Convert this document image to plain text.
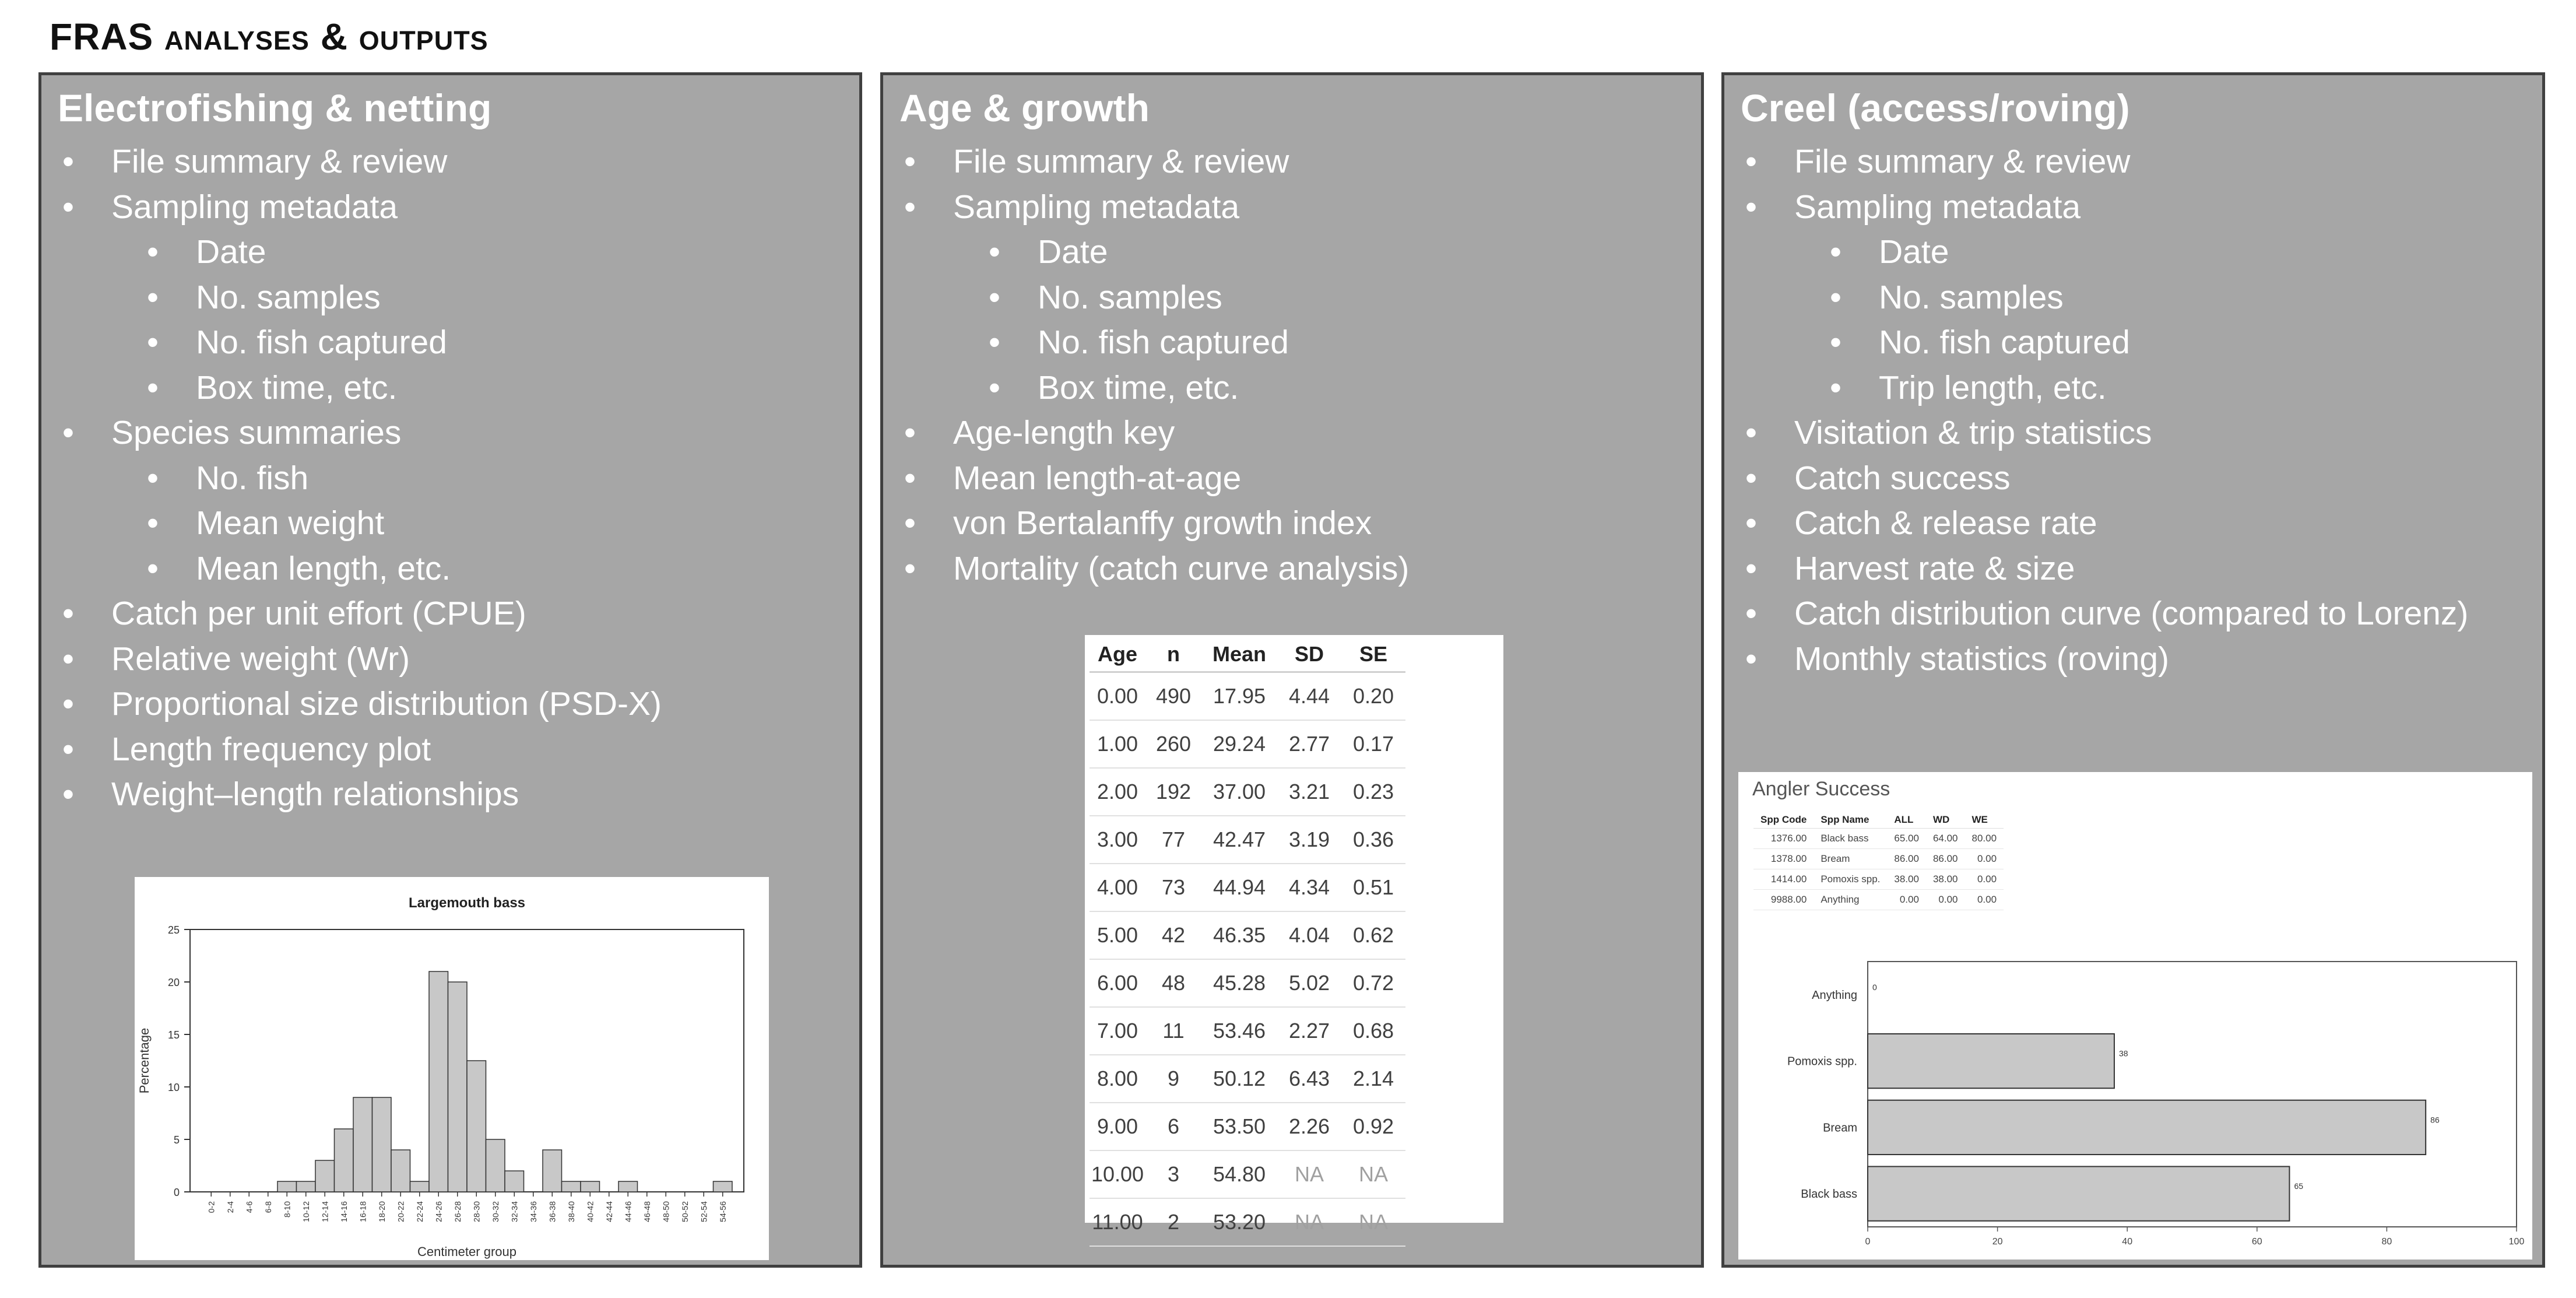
FRAS analyses & outputs
Electrofishing & netting
• File summary & review
• Sampling metadata
• Date
• No. samples
• No. fish captured
• Box time, etc.
• Species summaries
• No. fish
• Mean weight
• Mean length, etc.
• Catch per unit effort (CPUE)
• Relative weight (Wr)
• Proportional size distribution (PSD-X)
• Length frequency plot
• Weight–length relationships
Largemouth bass
Centimeter group
Percentage
0
5
10
15
20
25
0-2 2-4 4-6 6-8 8-10 10-12 12-14 14-16 16-18 18-20 20-22 22-24 24-26 26-28 28-30 30-32 32-34 34-36 36-38 38-40 40-42 42-44 44-46 46-48 48-50 50-52 52-54 54-56
Age & growth
• File summary & review
• Sampling metadata
• Date
• No. samples
• No. fish captured
• Box time, etc.
• Age-length key
• Mean length-at-age
• von Bertalanffy growth index
• Mortality (catch curve analysis)
Age	n	Mean	SD	SE
0.00	490	17.95	4.44	0.20
1.00	260	29.24	2.77	0.17
2.00	192	37.00	3.21	0.23
3.00	77	42.47	3.19	0.36
4.00	73	44.94	4.34	0.51
5.00	42	46.35	4.04	0.62
6.00	48	45.28	5.02	0.72
7.00	11	53.46	2.27	0.68
8.00	9	50.12	6.43	2.14
9.00	6	53.50	2.26	0.92
10.00	3	54.80	NA	NA
11.00	2	53.20	NA	NA
Creel (access/roving)
• File summary & review
• Sampling metadata
• Date
• No. samples
• No. fish captured
• Trip length, etc.
• Visitation & trip statistics
• Catch success
• Catch & release rate
• Harvest rate & size
• Catch distribution curve (compared to Lorenz)
• Monthly statistics (roving)
Angler Success
Spp Code	Spp Name	ALL	WD	WE
1376.00	Black bass	65.00	64.00	80.00
1378.00	Bream	86.00	86.00	0.00
1414.00	Pomoxis spp.	38.00	38.00	0.00
9988.00	Anything	0.00	0.00	0.00
0	20	40	60	80	100
Anything
0
Pomoxis spp.
38
Bream
86
Black bass
65
